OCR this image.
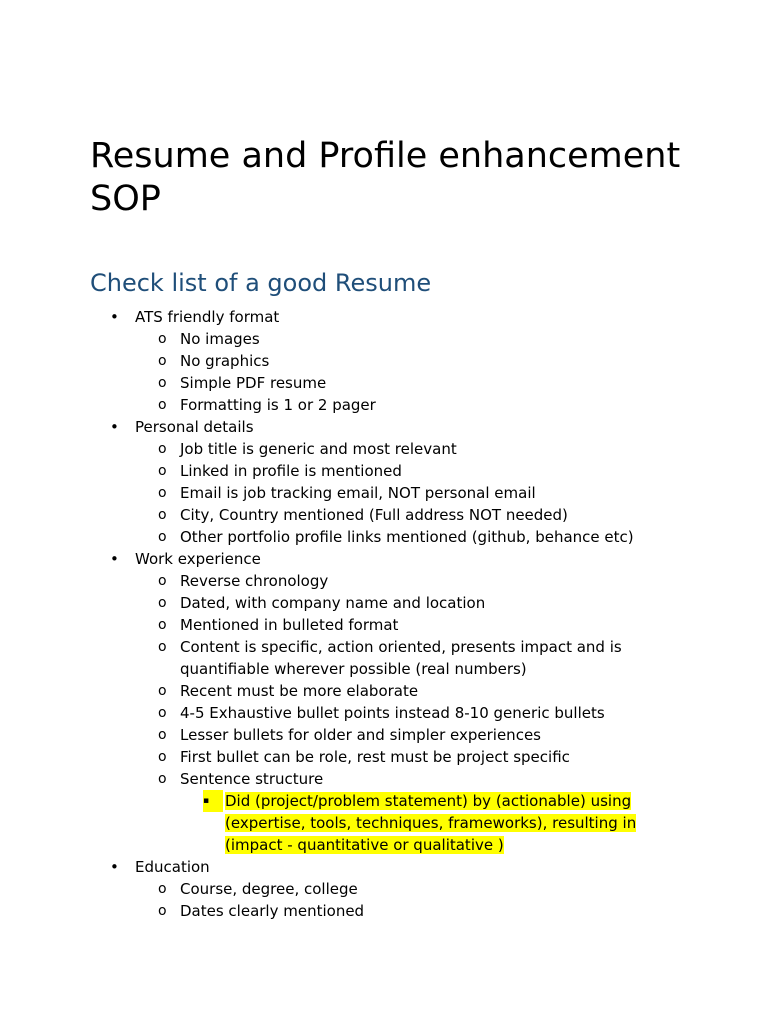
Resume and Profile enhancement SOP
Check list of a good Resume
•	ATS friendly format
o No images
o No graphics
o Simple PDF resume
o Formatting is 1 or 2 pager
•	Personal details
o Job title is generic and most relevant
o Linked in profile is mentioned
o Email is job tracking email, NOT personal email
o City, Country mentioned (Full address NOT needed)
o Other portfolio profile links mentioned (github, behance etc)
•	Work experience
o Reverse chronology
o Dated, with company name and location
o Mentioned in bulleted format
o Content is specific, action oriented, presents impact and is quantifiable wherever possible (real numbers)
o Recent must be more elaborate
o 4-5 Exhaustive bullet points instead 8-10 generic bullets
o Lesser bullets for older and simpler experiences
o First bullet can be role, rest must be project specific
o Sentence structure
▪	Did (project/problem statement) by (actionable) using (expertise, tools, techniques, frameworks), resulting in (impact - quantitative or qualitative )
•	Education
o Course, degree, college
o Dates clearly mentioned
